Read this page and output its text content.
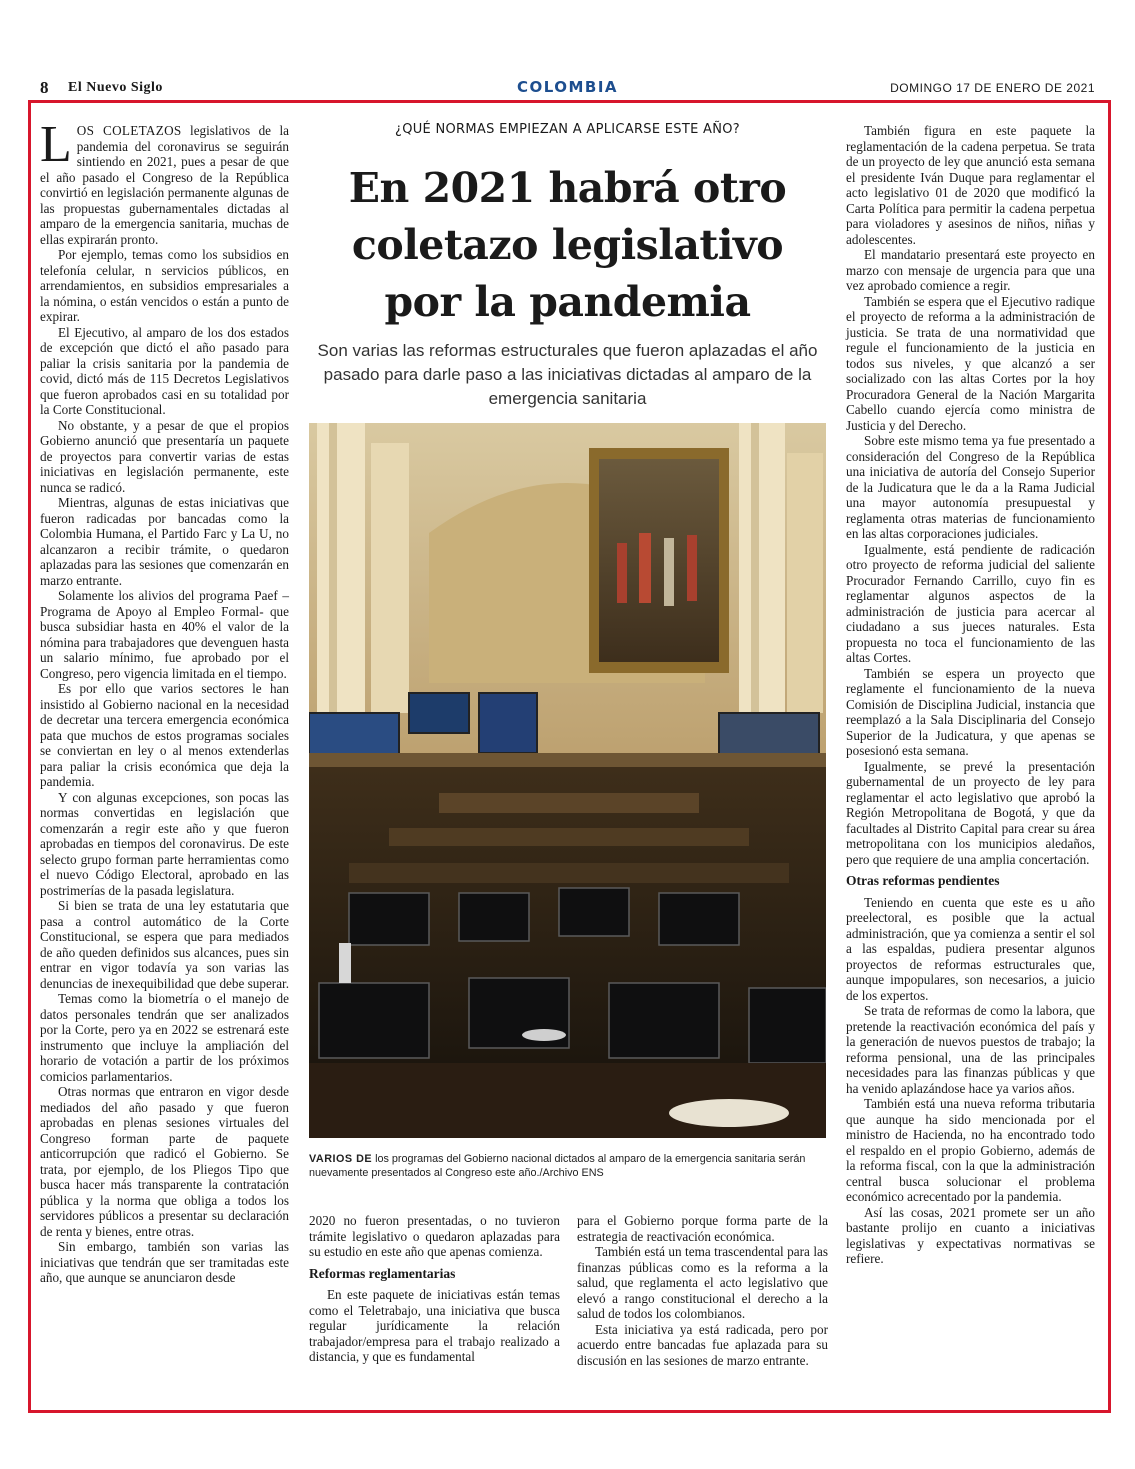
8 El Nuevo Siglo	COLOMBIA	DOMINGO 17 DE ENERO DE 2021

LOS COLETAZOS legislativos de la pandemia del coronavirus se seguirán sintiendo en 2021, pues a pesar de que el año pasado el Congreso de la República convirtió en legislación permanente algunas de las propuestas gubernamentales dictadas al amparo de la emergencia sanitaria, muchas de ellas expirarán pronto.

Por ejemplo, temas como los subsidios en telefonía celular, n servicios públicos, en arrendamientos, en subsidios empresariales a la nómina, o están vencidos o están a punto de expirar.

El Ejecutivo, al amparo de los dos estados de excepción que dictó el año pasado para paliar la crisis sanitaria por la pandemia de covid, dictó más de 115 Decretos Legislativos que fueron aprobados casi en su totalidad por la Corte Constitucional.

No obstante, y a pesar de que el propios Gobierno anunció que presentaría un paquete de proyectos para convertir varias de estas iniciativas en legislación permanente, este nunca se radicó.

Mientras, algunas de estas iniciativas que fueron radicadas por bancadas como la Colombia Humana, el Partido Farc y La U, no alcanzaron a recibir trámite, o quedaron aplazadas para las sesiones que comenzarán en marzo entrante.

Solamente los alivios del programa Paef –Programa de Apoyo al Empleo Formal- que busca subsidiar hasta en 40% el valor de la nómina para trabajadores que devenguen hasta un salario mínimo, fue aprobado por el Congreso, pero vigencia limitada en el tiempo.

Es por ello que varios sectores le han insistido al Gobierno nacional en la necesidad de decretar una tercera emergencia económica pata que muchos de estos programas sociales se conviertan en ley o al menos extenderlas para paliar la crisis económica que deja la pandemia.

Y con algunas excepciones, son pocas las normas convertidas en legislación que comenzarán a regir este año y que fueron aprobadas en tiempos del coronavirus. De este selecto grupo forman parte herramientas como el nuevo Código Electoral, aprobado en las postrimerías de la pasada legislatura.

Si bien se trata de una ley estatutaria que pasa a control automático de la Corte Constitucional, se espera que para mediados de año queden definidos sus alcances, pues sin entrar en vigor todavía ya son varias las denuncias de inexequibilidad que debe superar.

Temas como la biometría o el manejo de datos personales tendrán que ser analizados por la Corte, pero ya en 2022 se estrenará este instrumento que incluye la ampliación del horario de votación a partir de los próximos comicios parlamentarios.

Otras normas que entraron en vigor desde mediados del año pasado y que fueron aprobadas en plenas sesiones virtuales del Congreso forman parte de paquete anticorrupción que radicó el Gobierno. Se trata, por ejemplo, de los Pliegos Tipo que busca hacer más transparente la contratación pública y la norma que obliga a todos los servidores públicos a presentar su declaración de renta y bienes, entre otras.

Sin embargo, también son varias las iniciativas que tendrán que ser tramitadas este año, que aunque se anunciaron desde

¿QUÉ NORMAS EMPIEZAN A APLICARSE ESTE AÑO?
En 2021 habrá otro coletazo legislativo por la pandemia
Son varias las reformas estructurales que fueron aplazadas el año pasado para darle paso a las iniciativas dictadas al amparo de la emergencia sanitaria
VARIOS DE los programas del Gobierno nacional dictados al amparo de la emergencia sanitaria serán nuevamente presentados al Congreso este año./Archivo ENS

2020 no fueron presentadas, o no tuvieron trámite legislativo o quedaron aplazadas para su estudio en este año que apenas comienza.

Reformas reglamentarias

En este paquete de iniciativas están temas como el Teletrabajo, una iniciativa que busca regular jurídicamente la relación trabajador/empresa para el trabajo realizado a distancia, y que es fundamental

para el Gobierno porque forma parte de la estrategia de reactivación económica.

También está un tema trascendental para las finanzas públicas como es la reforma a la salud, que reglamenta el acto legislativo que elevó a rango constitucional el derecho a la salud de todos los colombianos.

Esta iniciativa ya está radicada, pero por acuerdo entre bancadas fue aplazada para su discusión en las sesiones de marzo entrante.

También figura en este paquete la reglamentación de la cadena perpetua. Se trata de un proyecto de ley que anunció esta semana el presidente Iván Duque para reglamentar el acto legislativo 01 de 2020 que modificó la Carta Política para permitir la cadena perpetua para violadores y asesinos de niños, niñas y adolescentes.

El mandatario presentará este proyecto en marzo con mensaje de urgencia para que una vez aprobado comience a regir.

También se espera que el Ejecutivo radique el proyecto de reforma a la administración de justicia. Se trata de una normatividad que regule el funcionamiento de la justicia en todos sus niveles, y que alcanzó a ser socializado con las altas Cortes por la hoy Procuradora General de la Nación Margarita Cabello cuando ejercía como ministra de Justicia y del Derecho.

Sobre este mismo tema ya fue presentado a consideración del Congreso de la República una iniciativa de autoría del Consejo Superior de la Judicatura que le da a la Rama Judicial una mayor autonomía presupuestal y reglamenta otras materias de funcionamiento en las altas corporaciones judiciales.

Igualmente, está pendiente de radicación otro proyecto de reforma judicial del saliente Procurador Fernando Carrillo, cuyo fin es reglamentar algunos aspectos de la administración de justicia para acercar al ciudadano a sus jueces naturales. Esta propuesta no toca el funcionamiento de las altas Cortes.

También se espera un proyecto que reglamente el funcionamiento de la nueva Comisión de Disciplina Judicial, instancia que reemplazó a la Sala Disciplinaria del Consejo Superior de la Judicatura, y que apenas se posesionó esta semana.

Igualmente, se prevé la presentación gubernamental de un proyecto de ley para reglamentar el acto legislativo que aprobó la Región Metropolitana de Bogotá, y que da facultades al Distrito Capital para crear su área metropolitana con los municipios aledaños, pero que requiere de una amplia concertación.

Otras reformas pendientes

Teniendo en cuenta que este es u año preelectoral, es posible que la actual administración, que ya comienza a sentir el sol a las espaldas, pudiera presentar algunos proyectos de reformas estructurales que, aunque impopulares, son necesarios, a juicio de los expertos.

Se trata de reformas de como la labora, que pretende la reactivación económica del país y la generación de nuevos puestos de trabajo; la reforma pensional, una de las principales necesidades para las finanzas públicas y que ha venido aplazándose hace ya varios años.

También está una nueva reforma tributaria que aunque ha sido mencionada por el ministro de Hacienda, no ha encontrado todo el respaldo en el propio Gobierno, además de la reforma fiscal, con la que la administración central busca solucionar el problema económico acrecentado por la pandemia.

Así las cosas, 2021 promete ser un año bastante prolijo en cuanto a iniciativas legislativas y expectativas normativas se refiere.
